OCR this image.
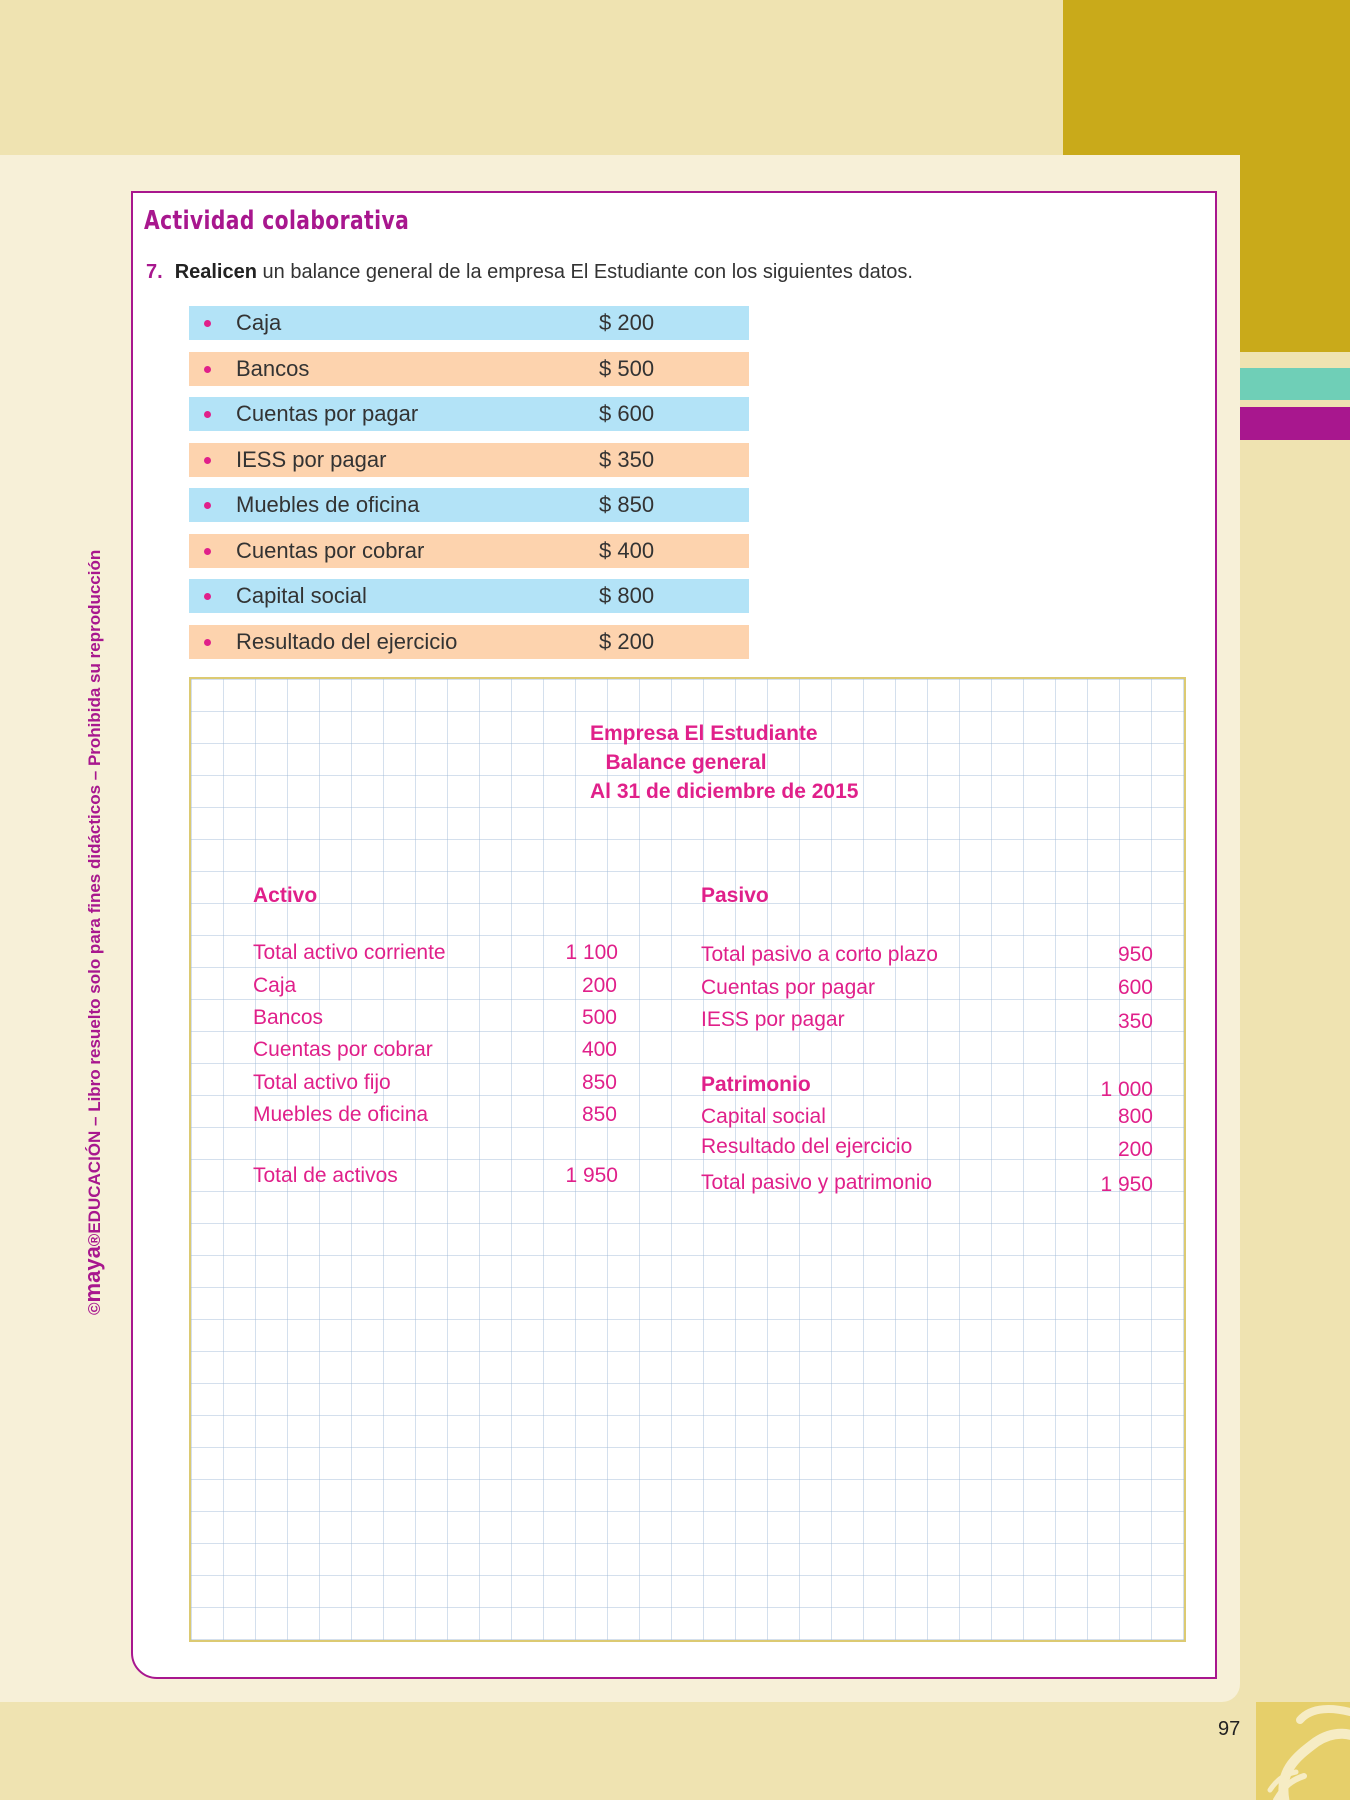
Actividad colaborativa
7. Realicen un balance general de la empresa El Estudiante con los siguientes datos.
Caja	$ 200
Bancos	$ 500
Cuentas por pagar	$ 600
IESS por pagar	$ 350
Muebles de oficina	$ 850
Cuentas por cobrar	$ 400
Capital social	$ 800
Resultado del ejercicio	$ 200
Empresa El Estudiante
Balance general
Al 31 de diciembre de 2015
Activo
Total activo corriente	1 100
Caja	200
Bancos	500
Cuentas por cobrar	400
Total activo fijo	850
Muebles de oficina	850
Total de activos	1 950
Pasivo
Total pasivo a corto plazo	950
Cuentas por pagar	600
IESS por pagar	350
Patrimonio	1 000
Capital social	800
Resultado del ejercicio	200
Total pasivo y patrimonio	1 950
©maya®EDUCACIÓN – Libro resuelto solo para fines didácticos – Prohibida su reproducción
97
